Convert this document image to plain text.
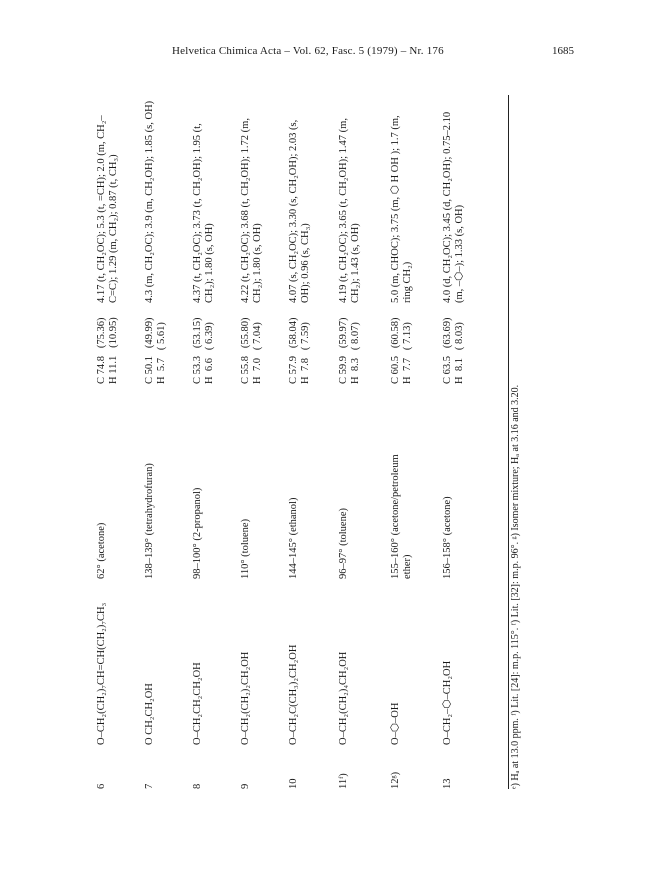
Helvetica Chimica Acta – Vol. 62, Fasc. 5 (1979) – Nr. 176	1685
6
O–CH₂(CH₂)₇CH=CH(CH₂)₇CH₃
62° (acetone)
C 74.8   (75.36)
H 11.1   (10.95)
4.17 (t, CH₂OC); 5.3 (t, =CH); 2.0 (m, CH₂–C=C); 1.29 (m, CH₂); 0.87 (t, CH₃)
7
O CH₂CH₂OH
138–139° (tetrahydrofuran)
C 50.1   (49.99)
H  5.7   ( 5.61)
4.3 (m, CH₂OC); 3.9 (m, CH₂OH); 1.85 (s, OH)
8
O–CH₂CH₂CH₂OH
98–100° (2-propanol)
C 53.3   (53.15)
H  6.6   ( 6.39)
4.37 (t, CH₂OC); 3.73 (t, CH₂OH); 1.95 (t, CH₂); 1.80 (s, OH)
9
O–CH₂(CH₂)₂CH₂OH
110° (toluene)
C 55.8   (55.80)
H  7.0   ( 7.04)
4.22 (t, CH₂OC); 3.68 (t, CH₂OH); 1.72 (m, CH₂); 1.80 (s, OH)
10
O–CH₂C(CH₃)₂CH₂OH
144–145° (ethanol)
C 57.9   (58.04)
H  7.8   ( 7.59)
4.07 (s, CH₂OC); 3.30 (s, CH₂OH); 2.03 (s, OH); 0.96 (s, CH₃)
11ᶠ)
O–CH₂(CH₂)₄CH₂OH
96–97° (toluene)
C 59.9   (59.97)
H  8.3   ( 8.07)
4.19 (t, CH₂OC); 3.65 (t, CH₂OH); 1.47 (m, CH₂); 1.43 (s, OH)
12ᵍ)
O–⬡–OH
155–160° (acetone/petroleum ether)
C 60.5   (60.58)
H  7.7   ( 7.13)
5.0 (m, CHOC); 3.75 (m, ⬡ H OH ); 1.7 (m, ring CH₂)
13
O–CH₂–⬡–CH₂OH
156–158° (acetone)
C 63.5   (63.69)
H  8.1   ( 8.03)
4.0 (d, CH₂OC); 3.45 (d, CH₂OH); 0.75–2.10 (m, –⬡–); 1.33 (s, OH)
ᵉ) Hₐ at 13.0 ppm. ᶠ) Lit. [24]: m.p. 115°. ᶠ) Lit. [32]: m.p. 96°. ᵍ) Isomer mixture; Hₐ at 3.16 and 3.20.
